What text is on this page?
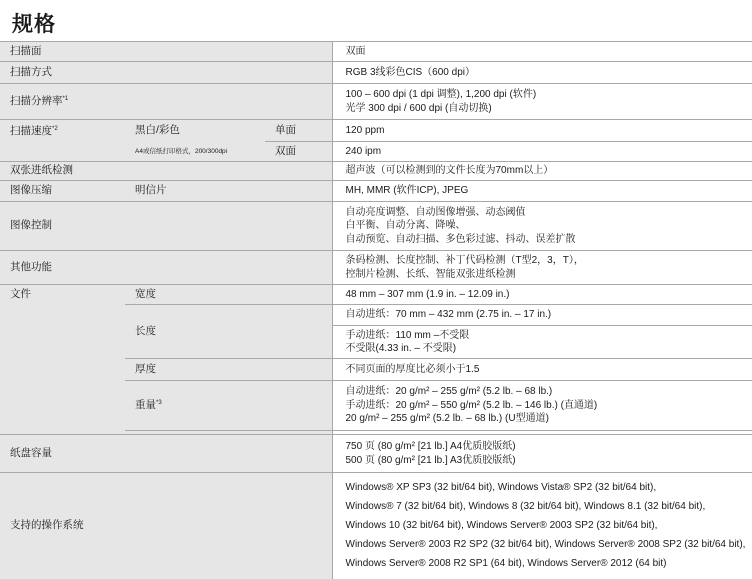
规格
扫描面			双面
扫描方式			RGB 3线彩色CIS（600 dpi）
扫描分辨率$^{*1}$			100 – 600 dpi (1 dpi 调整), 1,200 dpi (软件)
光学 300 dpi / 600 dpi (自动切换)

扫描速度$^{*2}$	黑白/彩色	单面	120 ppm
	A4或信纸打印格式，200/300dpi	双面	240 ipm
双张进纸检测			超声波（可以检测到的文件长度为70mm以上）
图像压缩	明信片		MH, MMR (软件ICP), JPEG
图像控制			自动亮度调整、自动图像增强、动态阈值
白平衡、自动分离、降噪、
自动预览、自动扫描、多色彩过滤、抖动、误差扩散

其他功能			条码检测、长度控制、补丁代码检测（T型2，3，T），
控制片检测、长纸、智能双张进纸检测

文件	宽度		48 mm – 307 mm (1.9 in. – 12.09 in.)
	长度		自动进纸：70 mm – 432 mm (2.75 in. – 17 in.)

			手动进纸：110 mm –不受限
不受限(4.33 in. – 不受限)

	厚度		不同页面的厚度比必须小于1.5
	重量$^{*3}$		自动进纸：20 g/m² – 255 g/m² (5.2 lb. – 68 lb.)
手动进纸：20 g/m² – 550 g/m² (5.2 lb. – 146 lb.) (直通道)
20 g/m² – 255 g/m² (5.2 lb. – 68 lb.) (U型通道)

纸盘容量			750 页 (80 g/m² [21 lb.] A4优质胶版纸)
500 页 (80 g/m² [21 lb.] A3优质胶版纸)

支持的操作系统			Windows® XP SP3 (32 bit/64 bit), Windows Vista® SP2 (32 bit/64 bit),
Windows® 7 (32 bit/64 bit), Windows 8 (32 bit/64 bit), Windows 8.1 (32 bit/64 bit),
Windows 10 (32 bit/64 bit), Windows Server® 2003 SP2 (32 bit/64 bit),
Windows Server® 2003 R2 SP2 (32 bit/64 bit), Windows Server® 2008 SP2 (32 bit/64 bit),
Windows Server® 2008 R2 SP1 (64 bit), Windows Server® 2012 (64 bit)
